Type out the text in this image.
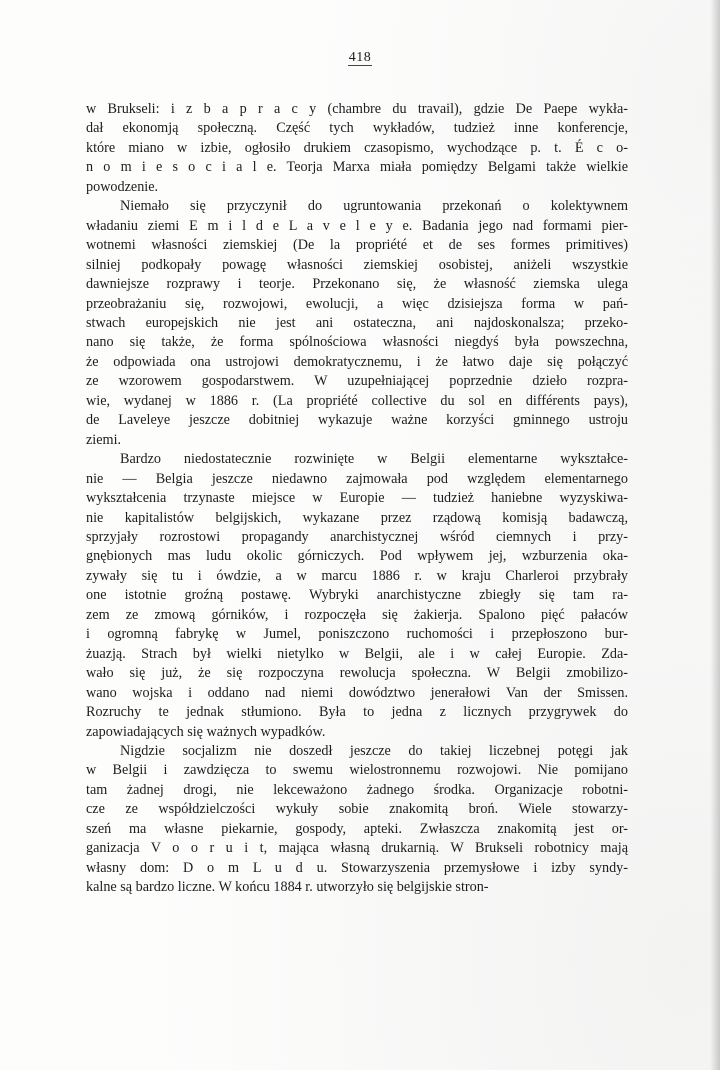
418

w Brukseli: i z b a p r a c y (chambre du travail), gdzie De Paepe wykła-
dał ekonomją społeczną. Część tych wykładów, tudzież inne konferencje,
które miano w izbie, ogłosiło drukiem czasopismo, wychodzące p. t. É c o-
n o m i e s o c i a l e. Teorja Marxa miała pomiędzy Belgami także wielkie
powodzenie.

Niemało się przyczynił do ugruntowania przekonań o kolektywnem
władaniu ziemi E m i l d e L a v e l e y e. Badania jego nad formami pier-
wotnemi własności ziemskiej (De la propriété et de ses formes primitives)
silniej podkopały powagę własności ziemskiej osobistej, aniżeli wszystkie
dawniejsze rozprawy i teorje. Przekonano się, że własność ziemska ulega
przeobrażaniu się, rozwojowi, ewolucji, a więc dzisiejsza forma w pań-
stwach europejskich nie jest ani ostateczna, ani najdoskonalsza; przeko-
nano się także, że forma spólnościowa własności niegdyś była powszechna,
że odpowiada ona ustrojowi demokratycznemu, i że łatwo daje się połączyć
ze wzorowem gospodarstwem. W uzupełniającej poprzednie dzieło rozpra-
wie, wydanej w 1886 r. (La propriété collective du sol en différents pays),
de Laveleye jeszcze dobitniej wykazuje ważne korzyści gminnego ustroju
ziemi.

Bardzo niedostatecznie rozwinięte w Belgii elementarne wykształce-
nie — Belgia jeszcze niedawno zajmowała pod względem elementarnego
wykształcenia trzynaste miejsce w Europie — tudzież haniebne wyzyskiwa-
nie kapitalistów belgijskich, wykazane przez rządową komisją badawczą,
sprzyjały rozrostowi propagandy anarchistycznej wśród ciemnych i przy-
gnębionych mas ludu okolic górniczych. Pod wpływem jej, wzburzenia oka-
zywały się tu i ówdzie, a w marcu 1886 r. w kraju Charleroi przybrały
one istotnie groźną postawę. Wybryki anarchistyczne zbiegły się tam ra-
zem ze zmową górników, i rozpoczęła się żakierja. Spalono pięć pałaców
i ogromną fabrykę w Jumel, poniszczono ruchomości i przepłoszono bur-
żuazją. Strach był wielki nietylko w Belgii, ale i w całej Europie. Zda-
wało się już, że się rozpoczyna rewolucja społeczna. W Belgii zmobilizo-
wano wojska i oddano nad niemi dowództwo jenerałowi Van der Smissen.
Rozruchy te jednak stłumiono. Była to jedna z licznych przygrywek do
zapowiadających się ważnych wypadków.

Nigdzie socjalizm nie doszedł jeszcze do takiej liczebnej potęgi jak
w Belgii i zawdzięcza to swemu wielostronnemu rozwojowi. Nie pomijano
tam żadnej drogi, nie lekceważono żadnego środka. Organizacje robotni-
cze ze współdzielczości wykuły sobie znakomitą broń. Wiele stowarzy-
szeń ma własne piekarnie, gospody, apteki. Zwłaszcza znakomitą jest or-
ganizacja V o o r u i t, mająca własną drukarnią. W Brukseli robotnicy mają
własny dom: D o m L u d u. Stowarzyszenia przemysłowe i izby syndy-
kalne są bardzo liczne. W końcu 1884 r. utworzyło się belgijskie stron-
